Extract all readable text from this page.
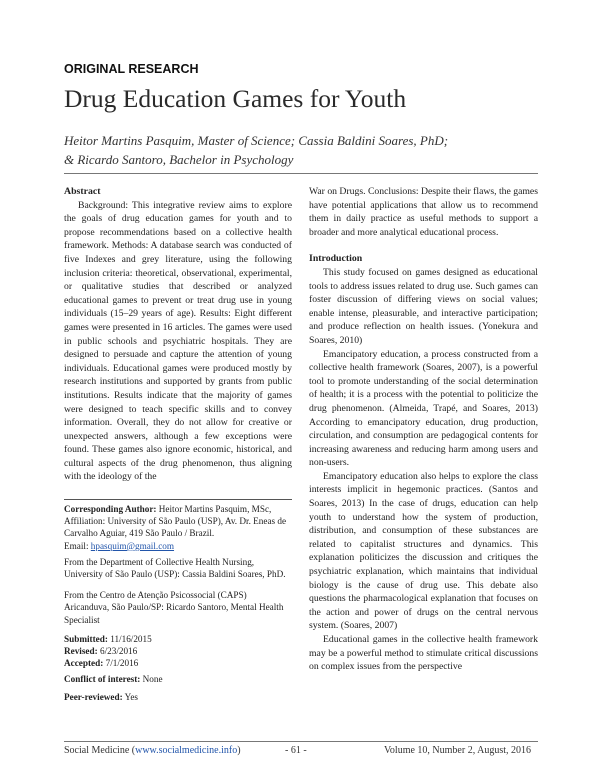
ORIGINAL RESEARCH
Drug Education Games for Youth
Heitor Martins Pasquim, Master of Science; Cassia Baldini Soares, PhD;
& Ricardo Santoro, Bachelor in Psychology
Abstract

Background: This integrative review aims to explore the goals of drug education games for youth and to propose recommendations based on a collective health framework. Methods: A database search was conducted of five Indexes and grey literature, using the following inclusion criteria: theoretical, observational, experimental, or qualitative studies that described or analyzed educational games to prevent or treat drug use in young individuals (15–29 years of age). Results: Eight different games were presented in 16 articles. The games were used in public schools and psychiatric hospitals. They are designed to persuade and capture the attention of young individuals. Educational games were produced mostly by research institutions and supported by grants from public institutions. Results indicate that the majority of games were designed to teach specific skills and to convey information. Overall, they do not allow for creative or unexpected answers, although a few exceptions were found. These games also ignore economic, historical, and cultural aspects of the drug phenomenon, thus aligning with the ideology of the

Corresponding Author: Heitor Martins Pasquim, MSc, Affiliation: University of São Paulo (USP), Av. Dr. Eneas de Carvalho Aguiar, 419 São Paulo / Brazil.
Email: hpasquim@gmail.com
From the Department of Collective Health Nursing, University of São Paulo (USP): Cassia Baldini Soares, PhD.
From the Centro de Atenção Psicossocial (CAPS) Aricanduva, São Paulo/SP: Ricardo Santoro, Mental Health Specialist
Submitted: 11/16/2015
Revised: 6/23/2016
Accepted: 7/1/2016
Conflict of interest: None
Peer-reviewed: Yes

War on Drugs. Conclusions: Despite their flaws, the games have potential applications that allow us to recommend them in daily practice as useful methods to support a broader and more analytical educational process.

Introduction

This study focused on games designed as educational tools to address issues related to drug use. Such games can foster discussion of differing views on social values; enable intense, pleasurable, and interactive participation; and produce reflection on health issues. (Yonekura and Soares, 2010)

Emancipatory education, a process constructed from a collective health framework (Soares, 2007), is a powerful tool to promote understanding of the social determination of health; it is a process with the potential to politicize the drug phenomenon. (Almeida, Trapé, and Soares, 2013) According to emancipatory education, drug production, circulation, and consumption are pedagogical contents for increasing awareness and reducing harm among users and non-users.

Emancipatory education also helps to explore the class interests implicit in hegemonic practices. (Santos and Soares, 2013) In the case of drugs, education can help youth to understand how the system of production, distribution, and consumption of these substances are related to capitalist structures and dynamics. This explanation politicizes the discussion and critiques the psychiatric explanation, which maintains that individual biology is the cause of drug use. This debate also questions the pharmacological explanation that focuses on the action and power of drugs on the central nervous system. (Soares, 2007)

Educational games in the collective health framework may be a powerful method to stimulate critical discussions on complex issues from the perspective

Social Medicine (www.socialmedicine.info)	- 61 -	Volume 10, Number 2, August, 2016
